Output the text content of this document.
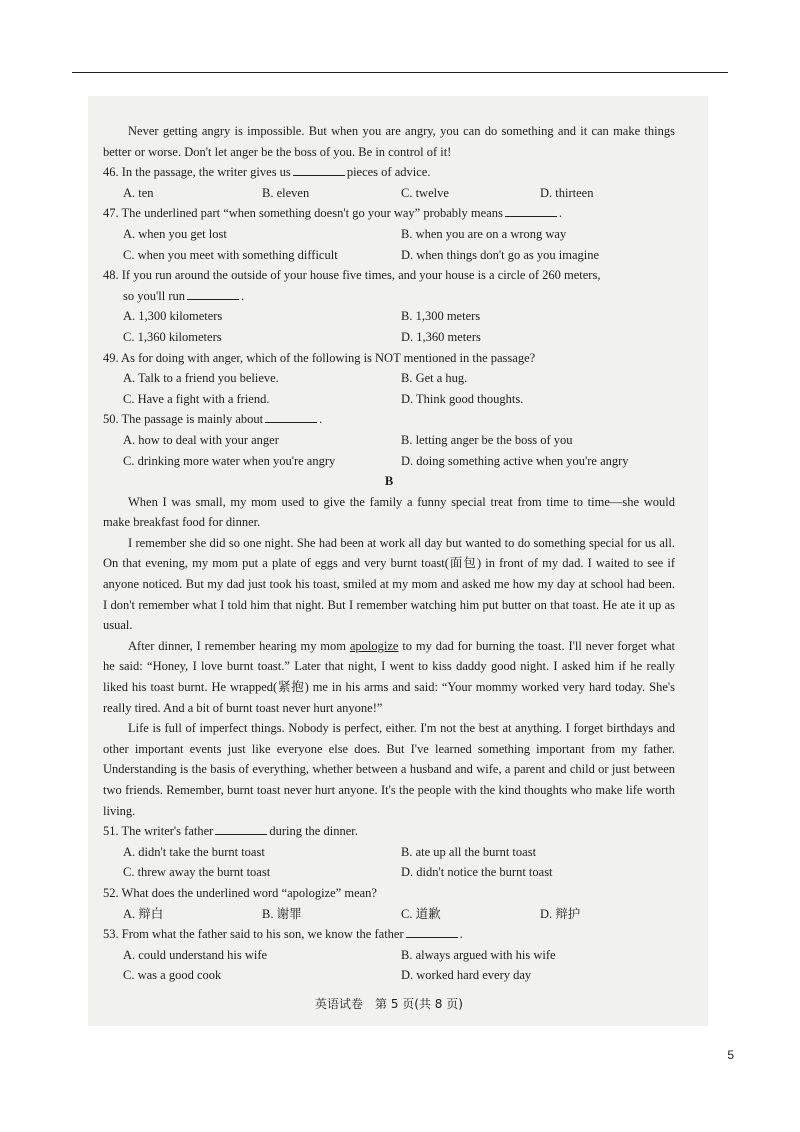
Never getting angry is impossible. But when you are angry, you can do something and it can make things better or worse. Don't let anger be the boss of you. Be in control of it!

46. In the passage, the writer gives us	pieces of advice.

A. ten	B. eleven	C. twelve	D. thirteen

47. The underlined part “when something doesn't go your way” probably means	.

A. when you get lost	B. when you are on a wrong way
C. when you meet with something difficult	D. when things don't go as you imagine

48. If you run around the outside of your house five times, and your house is a circle of 260 meters,

so you'll run	.

A. 1,300 kilometers	B. 1,300 meters
C. 1,360 kilometers	D. 1,360 meters

49. As for doing with anger, which of the following is NOT mentioned in the passage?

A. Talk to a friend you believe.	B. Get a hug.
C. Have a fight with a friend.	D. Think good thoughts.

50. The passage is mainly about	.

A. how to deal with your anger	B. letting anger be the boss of you
C. drinking more water when you're angry	D. doing something active when you're angry

B

When I was small, my mom used to give the family a funny special treat from time to time—she would make breakfast food for dinner.

I remember she did so one night. She had been at work all day but wanted to do something special for us all. On that evening, my mom put a plate of eggs and very burnt toast(面包) in front of my dad. I waited to see if anyone noticed. But my dad just took his toast, smiled at my mom and asked me how my day at school had been. I don't remember what I told him that night. But I remember watching him put butter on that toast. He ate it up as usual.

After dinner, I remember hearing my mom apologize to my dad for burning the toast. I'll never forget what he said: “Honey, I love burnt toast.” Later that night, I went to kiss daddy good night. I asked him if he really liked his toast burnt. He wrapped(紧抱) me in his arms and said: “Your mommy worked very hard today. She's really tired. And a bit of burnt toast never hurt anyone!”

Life is full of imperfect things. Nobody is perfect, either. I'm not the best at anything. I forget birthdays and other important events just like everyone else does. But I've learned something important from my father. Understanding is the basis of everything, whether between a husband and wife, a parent and child or just between two friends. Remember, burnt toast never hurt anyone. It's the people with the kind thoughts who make life worth living.

51. The writer's father	during the dinner.

A. didn't take the burnt toast	B. ate up all the burnt toast
C. threw away the burnt toast	D. didn't notice the burnt toast

52. What does the underlined word “apologize” mean?

A. 辩白	B. 谢罪	C. 道歉	D. 辩护

53. From what the father said to his son, we know the father	.

A. could understand his wife	B. always argued with his wife
C. was a good cook	D. worked hard every day

英语试卷　第 5 页(共 8 页)

5
